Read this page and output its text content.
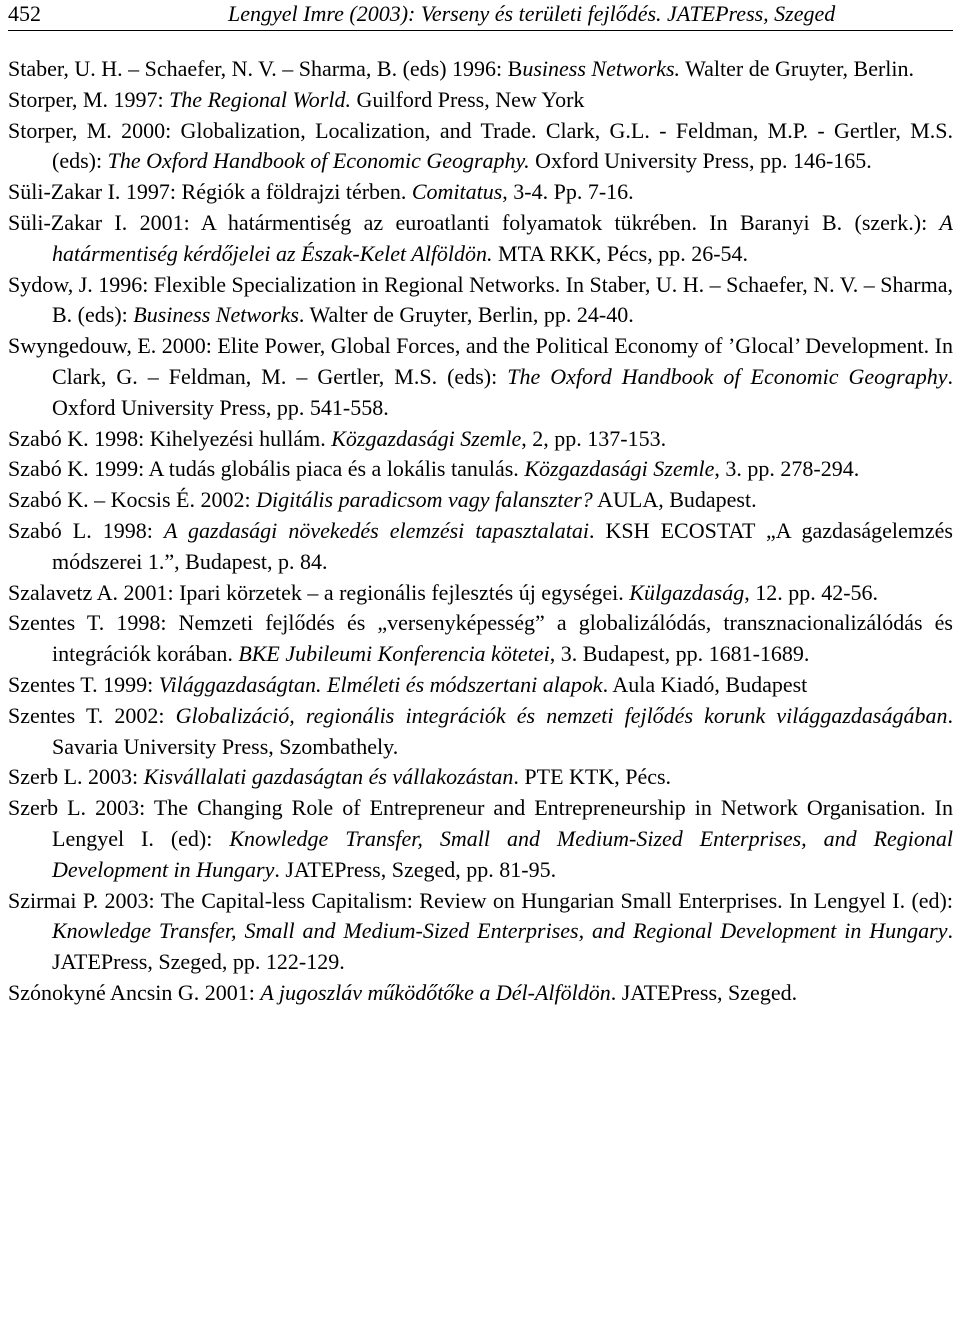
452	Lengyel Imre (2003): Verseny és területi fejlődés. JATEPress, Szeged

Staber, U. H. – Schaefer, N. V. – Sharma, B. (eds) 1996: Business Networks. Walter de Gruyter, Berlin.

Storper, M. 1997: The Regional World. Guilford Press, New York

Storper, M. 2000: Globalization, Localization, and Trade. Clark, G.L. - Feldman, M.P. - Gertler, M.S. (eds): The Oxford Handbook of Economic Geography. Oxford University Press, pp. 146-165.

Süli-Zakar I. 1997: Régiók a földrajzi térben. Comitatus, 3-4. Pp. 7-16.

Süli-Zakar I. 2001: A határmentiség az euroatlanti folyamatok tükrében. In Baranyi B. (szerk.): A határmentiség kérdőjelei az Észak-Kelet Alföldön. MTA RKK, Pécs, pp. 26-54.

Sydow, J. 1996: Flexible Specialization in Regional Networks. In Staber, U. H. – Schaefer, N. V. – Sharma, B. (eds): Business Networks. Walter de Gruyter, Berlin, pp. 24-40.

Swyngedouw, E. 2000: Elite Power, Global Forces, and the Political Economy of ’Glocal’ Development. In Clark, G. – Feldman, M. – Gertler, M.S. (eds): The Oxford Handbook of Economic Geography. Oxford University Press, pp. 541-558.

Szabó K. 1998: Kihelyezési hullám. Közgazdasági Szemle, 2, pp. 137-153.

Szabó K. 1999: A tudás globális piaca és a lokális tanulás. Közgazdasági Szemle, 3. pp. 278-294.

Szabó K. – Kocsis É. 2002: Digitális paradicsom vagy falanszter? AULA, Budapest.

Szabó L. 1998: A gazdasági növekedés elemzési tapasztalatai. KSH ECOSTAT „A gazdaságelemzés módszerei 1.”, Budapest, p. 84.

Szalavetz A. 2001: Ipari körzetek – a regionális fejlesztés új egységei. Külgazdaság, 12. pp. 42-56.

Szentes T. 1998: Nemzeti fejlődés és „versenyképesség” a globalizálódás, transznacionalizálódás és integrációk korában. BKE Jubileumi Konferencia kötetei, 3. Budapest, pp. 1681-1689.

Szentes T. 1999: Világgazdaságtan. Elméleti és módszertani alapok. Aula Kiadó, Budapest

Szentes T. 2002: Globalizáció, regionális integrációk és nemzeti fejlődés korunk világgazdaságában. Savaria University Press, Szombathely.

Szerb L. 2003: Kisvállalati gazdaságtan és vállakozástan. PTE KTK, Pécs.

Szerb L. 2003: The Changing Role of Entrepreneur and Entrepreneurship in Network Organisation. In Lengyel I. (ed): Knowledge Transfer, Small and Medium-Sized Enterprises, and Regional Development in Hungary. JATEPress, Szeged, pp. 81-95.

Szirmai P. 2003: The Capital-less Capitalism: Review on Hungarian Small Enterprises. In Lengyel I. (ed): Knowledge Transfer, Small and Medium-Sized Enterprises, and Regional Development in Hungary. JATEPress, Szeged, pp. 122-129.

Szónokyné Ancsin G. 2001: A jugoszláv működőtőke a Dél-Alföldön. JATEPress, Szeged.
